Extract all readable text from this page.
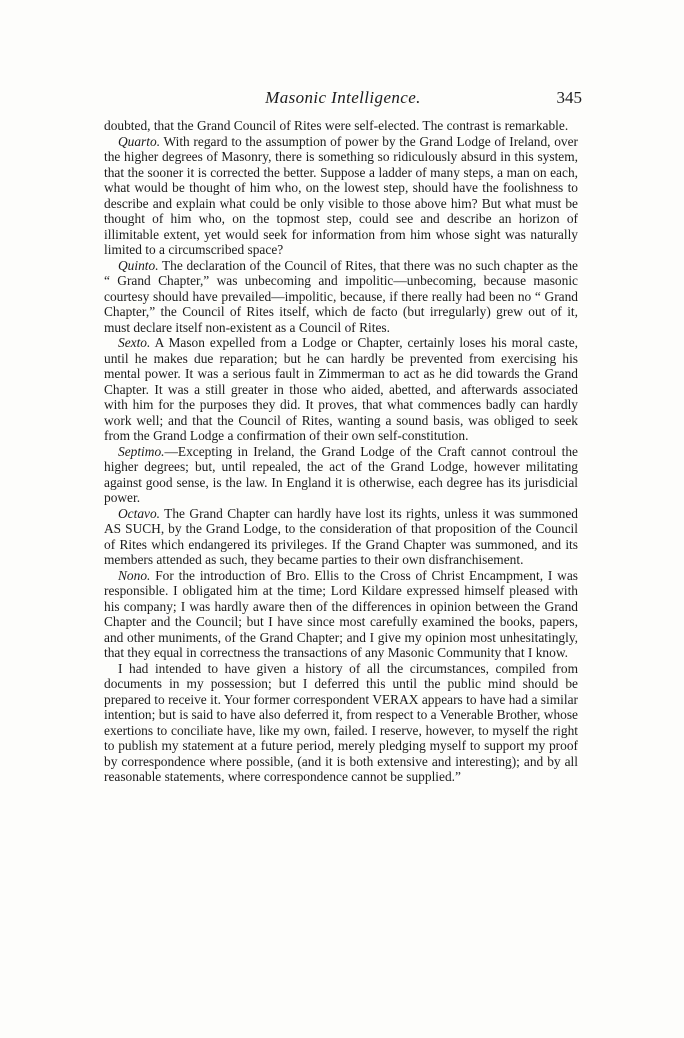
Masonic Intelligence.	345

doubted, that the Grand Council of Rites were self-elected. The contrast is remarkable.

Quarto. With regard to the assumption of power by the Grand Lodge of Ireland, over the higher degrees of Masonry, there is something so ridiculously absurd in this system, that the sooner it is corrected the better. Suppose a ladder of many steps, a man on each, what would be thought of him who, on the lowest step, should have the foolishness to describe and explain what could be only visible to those above him? But what must be thought of him who, on the topmost step, could see and describe an horizon of illimitable extent, yet would seek for information from him whose sight was naturally limited to a circumscribed space?

Quinto. The declaration of the Council of Rites, that there was no such chapter as the “ Grand Chapter,” was unbecoming and impolitic—unbecoming, because masonic courtesy should have prevailed—impolitic, because, if there really had been no “ Grand Chapter,” the Council of Rites itself, which de facto (but irregularly) grew out of it, must declare itself non-existent as a Council of Rites.

Sexto. A Mason expelled from a Lodge or Chapter, certainly loses his moral caste, until he makes due reparation; but he can hardly be prevented from exercising his mental power. It was a serious fault in Zimmerman to act as he did towards the Grand Chapter. It was a still greater in those who aided, abetted, and afterwards associated with him for the purposes they did. It proves, that what commences badly can hardly work well; and that the Council of Rites, wanting a sound basis, was obliged to seek from the Grand Lodge a confirmation of their own self-constitution.

Septimo.—Excepting in Ireland, the Grand Lodge of the Craft cannot controul the higher degrees; but, until repealed, the act of the Grand Lodge, however militating against good sense, is the law. In England it is otherwise, each degree has its jurisdicial power.

Octavo. The Grand Chapter can hardly have lost its rights, unless it was summoned AS SUCH, by the Grand Lodge, to the consideration of that proposition of the Council of Rites which endangered its privileges. If the Grand Chapter was summoned, and its members attended as such, they became parties to their own disfranchisement.

Nono. For the introduction of Bro. Ellis to the Cross of Christ Encampment, I was responsible. I obligated him at the time; Lord Kildare expressed himself pleased with his company; I was hardly aware then of the differences in opinion between the Grand Chapter and the Council; but I have since most carefully examined the books, papers, and other muniments, of the Grand Chapter; and I give my opinion most unhesitatingly, that they equal in correctness the transactions of any Masonic Community that I know.

I had intended to have given a history of all the circumstances, compiled from documents in my possession; but I deferred this until the public mind should be prepared to receive it. Your former correspondent VERAX appears to have had a similar intention; but is said to have also deferred it, from respect to a Venerable Brother, whose exertions to conciliate have, like my own, failed. I reserve, however, to myself the right to publish my statement at a future period, merely pledging myself to support my proof by correspondence where possible, (and it is both extensive and interesting); and by all reasonable statements, where correspondence cannot be supplied.”
